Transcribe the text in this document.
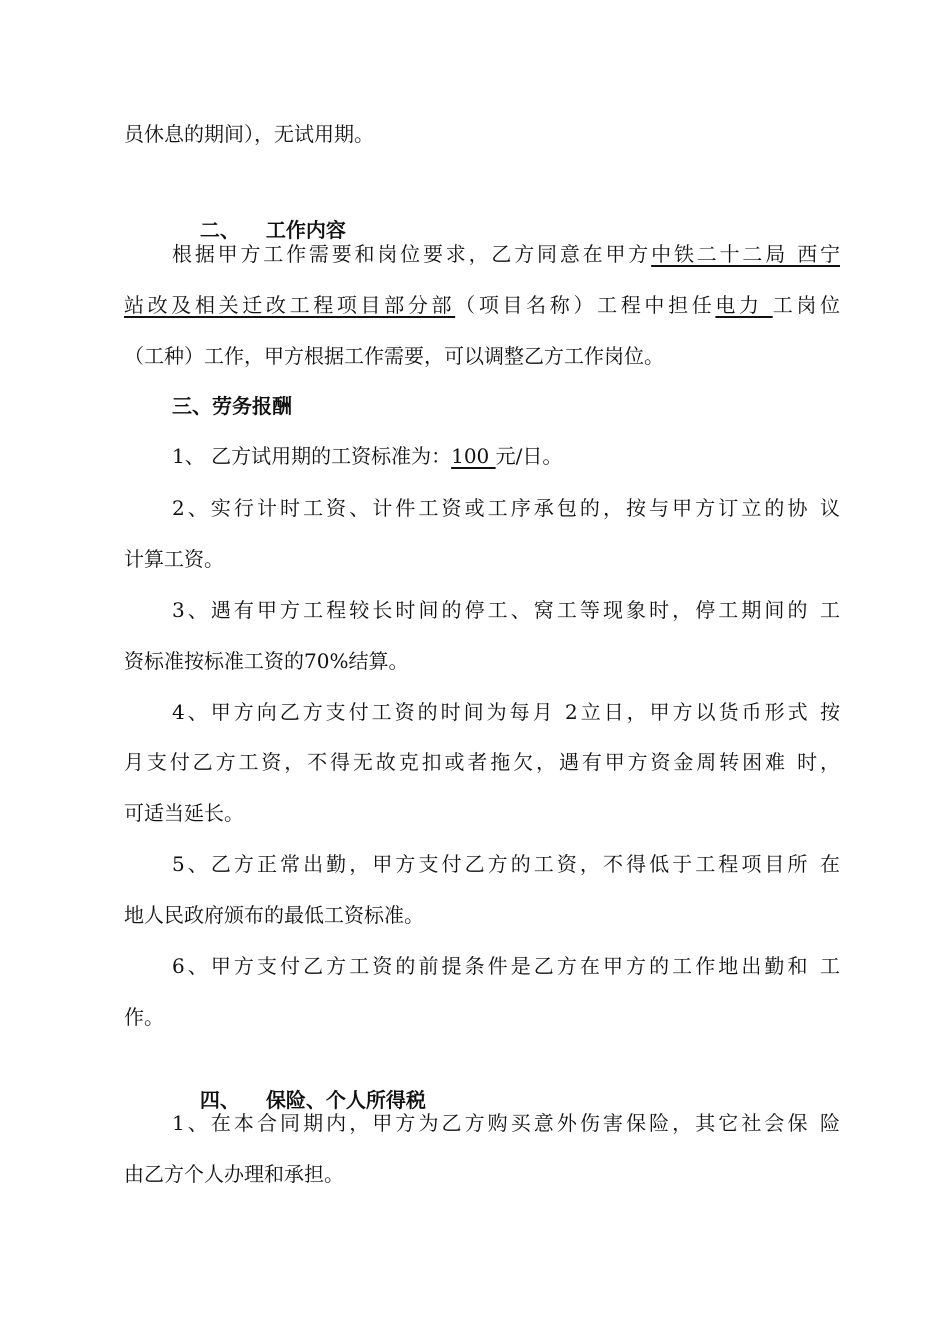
员休息的期间），无试用期。

二、 工作内容

根据甲方工作需要和岗位要求，乙方同意在甲方中铁二十二局 西宁
站改及相关迁改工程项目部分部（项目名称）工程中担任电力 工岗位
（工种）工作，甲方根据工作需要，可以调整乙方工作岗位。
三、劳务报酬
1、 乙方试用期的工资标准为：100 元/日。
2、实行计时工资、计件工资或工序承包的，按与甲方订立的协 议
计算工资。
3、遇有甲方工程较长时间的停工、窝工等现象时，停工期间的 工
资标准按标准工资的70%结算。
4、甲方向乙方支付工资的时间为每月 2立日，甲方以货币形式 按
月支付乙方工资，不得无故克扣或者拖欠，遇有甲方资金周转困难 时，
可适当延长。
5、乙方正常出勤，甲方支付乙方的工资，不得低于工程项目所 在
地人民政府颁布的最低工资标准。
6、甲方支付乙方工资的前提条件是乙方在甲方的工作地出勤和 工
作。

四、 保险、个人所得税

1、在本合同期内，甲方为乙方购买意外伤害保险，其它社会保 险
由乙方个人办理和承担。
